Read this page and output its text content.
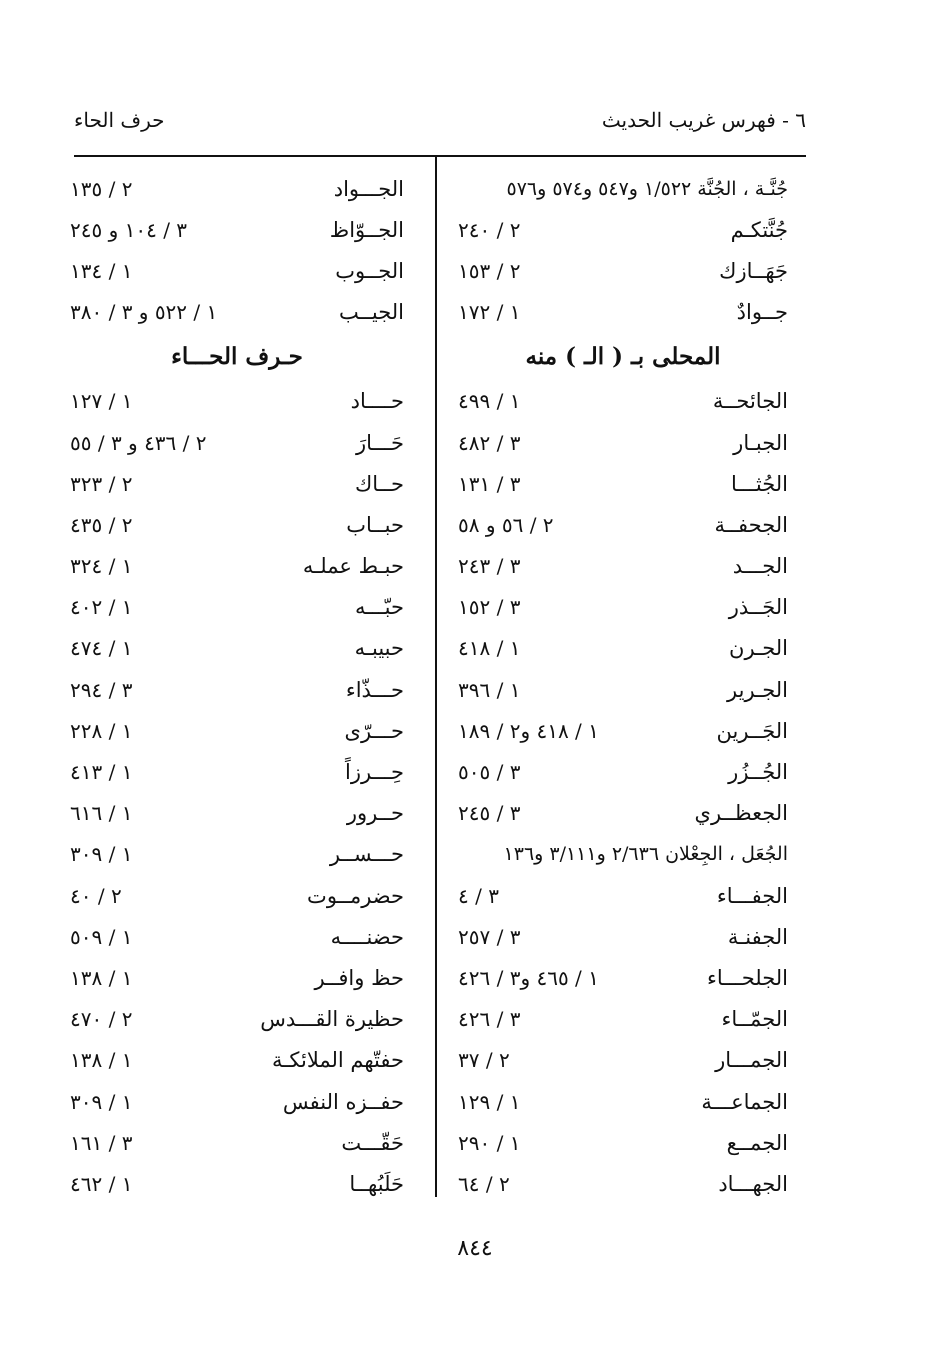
٦ - فهرس غريب الحديث
حرف الحاء
جُنَّـة ، الجُنَّة ١/٥٢٢ و٥٤٧ و٥٧٤ و٥٧٦
جُنَّتكـم
٢ / ٢٤٠
جَهَــازك
٢ / ١٥٣
جــوادٌ
١ / ١٧٢
المحلى بـ ( الـ ) منه
الجائحــة
١ / ٤٩٩
الجبـار
٣ / ٤٨٢
الجُثـــا
٣ / ١٣١
الجحفــة
٢ / ٥٦ و ٥٨
الجـــد
٣ / ٢٤٣
الجَــذر
٣ / ١٥٢
الجـرن
١ / ٤١٨
الجـرير
١ / ٣٩٦
الجَــرين
١ / ٤١٨ و٢ / ١٨٩
الجُــزُر
٣ / ٥٠٥
الجعظــري
٣ / ٢٤٥
الجُعَل ، الجِعْلان ٢/٦٣٦ و٣/١١١ و١٣٦
الجفـــاء
٣ / ٤
الجفنـة
٣ / ٢٥٧
الجلحـــاء
١ / ٤٦٥ و٣ / ٤٢٦
الجمّــاء
٣ / ٤٢٦
الجمـــار
٢ / ٣٧
الجماعـــة
١ / ١٢٩
الجمــع
١ / ٢٩٠
الجهـــاد
٢ / ٦٤
الجـــواد
٢ / ١٣٥
الجــوّاظ
٣ / ١٠٤ و ٢٤٥
الجــوب
١ / ١٣٤
الجيــب
١ / ٥٢٢ و ٣ / ٣٨٠
حـرف الحـــاء
حــــاد
١ / ١٢٧
حَـــارَ
٢ / ٤٣٦ و ٣ / ٥٥
حــاك
٢ / ٣٢٣
حبــاب
٢ / ٤٣٥
حبـط عملـه
١ / ٣٢٤
حبّـــه
١ / ٤٠٢
حبيبـه
١ / ٤٧٤
حـــذّاء
٣ / ٢٩٤
حـــرّى
١ / ٢٢٨
حِـــرزاً
١ / ٤١٣
حــرور
١ / ٦١٦
حـــســر
١ / ٣٠٩
حضرمــوت
٢ / ٤٠
حضنــــه
١ / ٥٠٩
حظ وافــر
١ / ١٣٨
حظيرة القـــدس
٢ / ٤٧٠
حفتّهم الملائكـة
١ / ١٣٨
حفــزه النفس
١ / ٣٠٩
حَقّـــت
٣ / ١٦١
حَلَبُهــا
١ / ٤٦٢
٨٤٤
